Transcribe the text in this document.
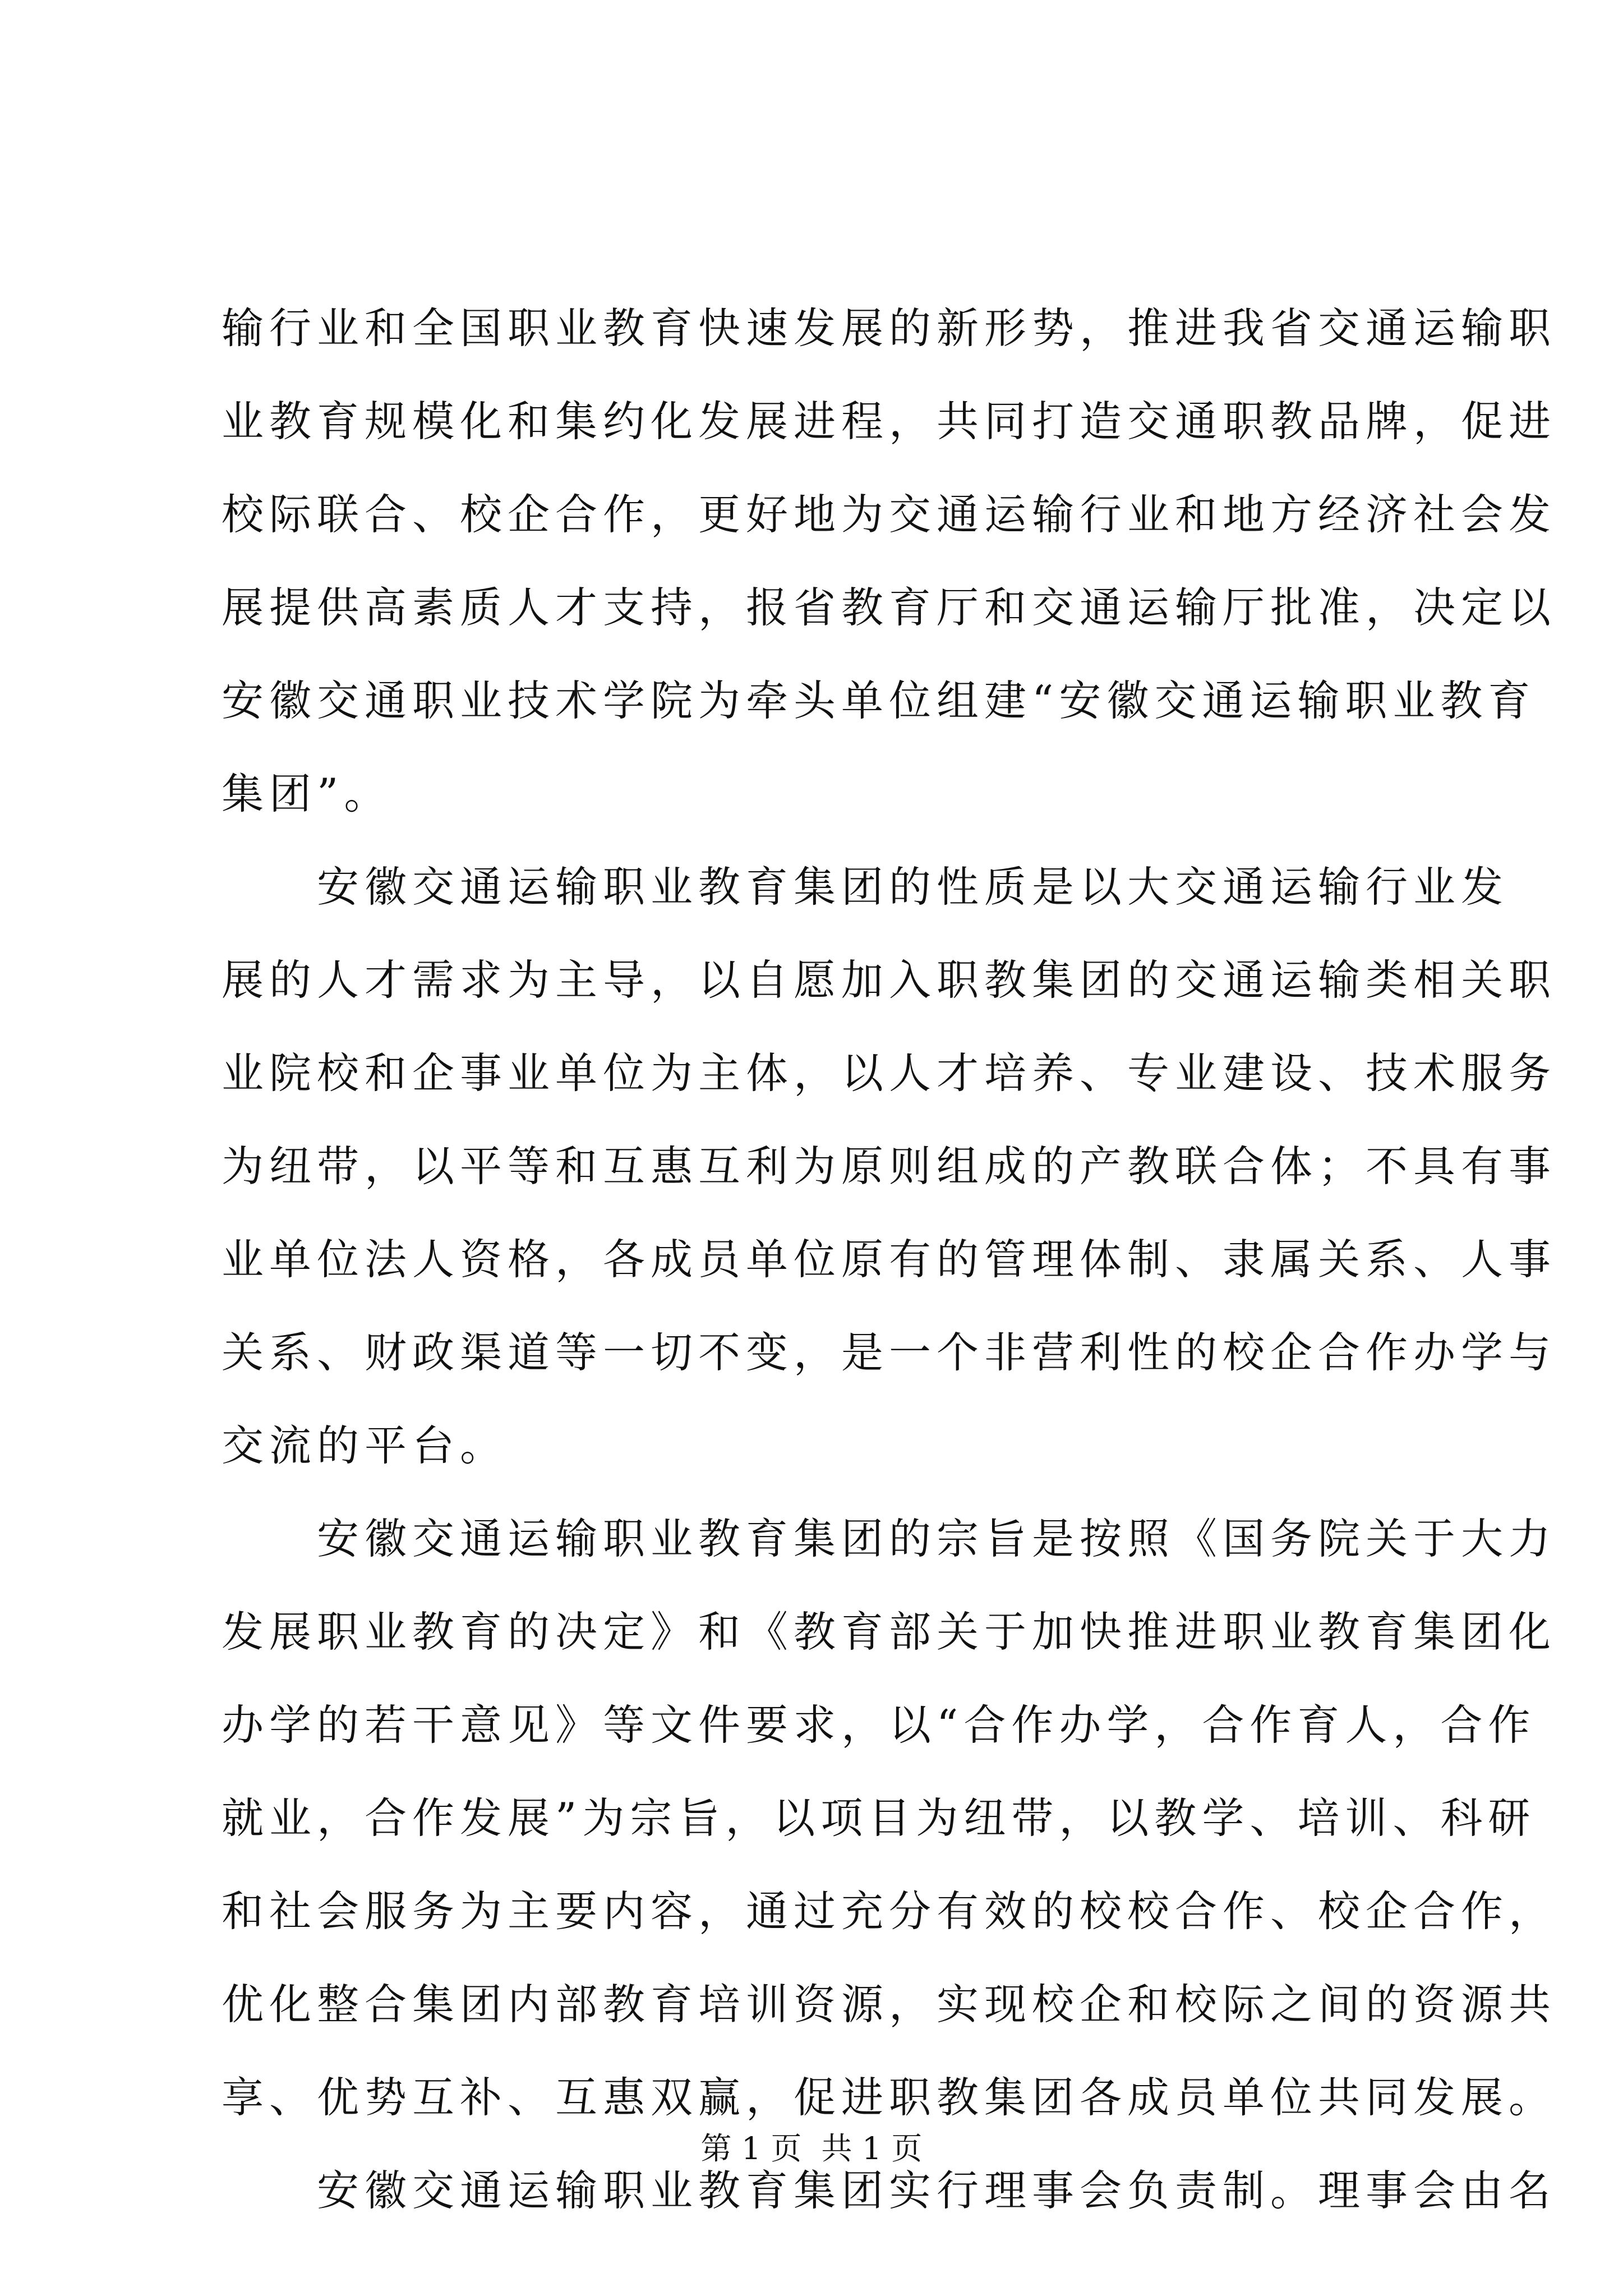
输行业和全国职业教育快速发展的新形势，推进我省交通运输职
业教育规模化和集约化发展进程，共同打造交通职教品牌，促进
校际联合、校企合作，更好地为交通运输行业和地方经济社会发
展提供高素质人才支持，报省教育厅和交通运输厅批准，决定以
安徽交通职业技术学院为牵头单位组建“安徽交通运输职业教育
集团”。
　　安徽交通运输职业教育集团的性质是以大交通运输行业发
展的人才需求为主导，以自愿加入职教集团的交通运输类相关职
业院校和企事业单位为主体，以人才培养、专业建设、技术服务
为纽带，以平等和互惠互利为原则组成的产教联合体；不具有事
业单位法人资格，各成员单位原有的管理体制、隶属关系、人事
关系、财政渠道等一切不变，是一个非营利性的校企合作办学与
交流的平台。
　　安徽交通运输职业教育集团的宗旨是按照《国务院关于大力
发展职业教育的决定》和《教育部关于加快推进职业教育集团化
办学的若干意见》等文件要求，以“合作办学，合作育人，合作
就业，合作发展”为宗旨，以项目为纽带，以教学、培训、科研
和社会服务为主要内容，通过充分有效的校校合作、校企合作，
优化整合集团内部教育培训资源，实现校企和校际之间的资源共
享、优势互补、互惠双赢，促进职教集团各成员单位共同发展。
　　安徽交通运输职业教育集团实行理事会负责制。理事会由名
第 1 页  共 1 页
